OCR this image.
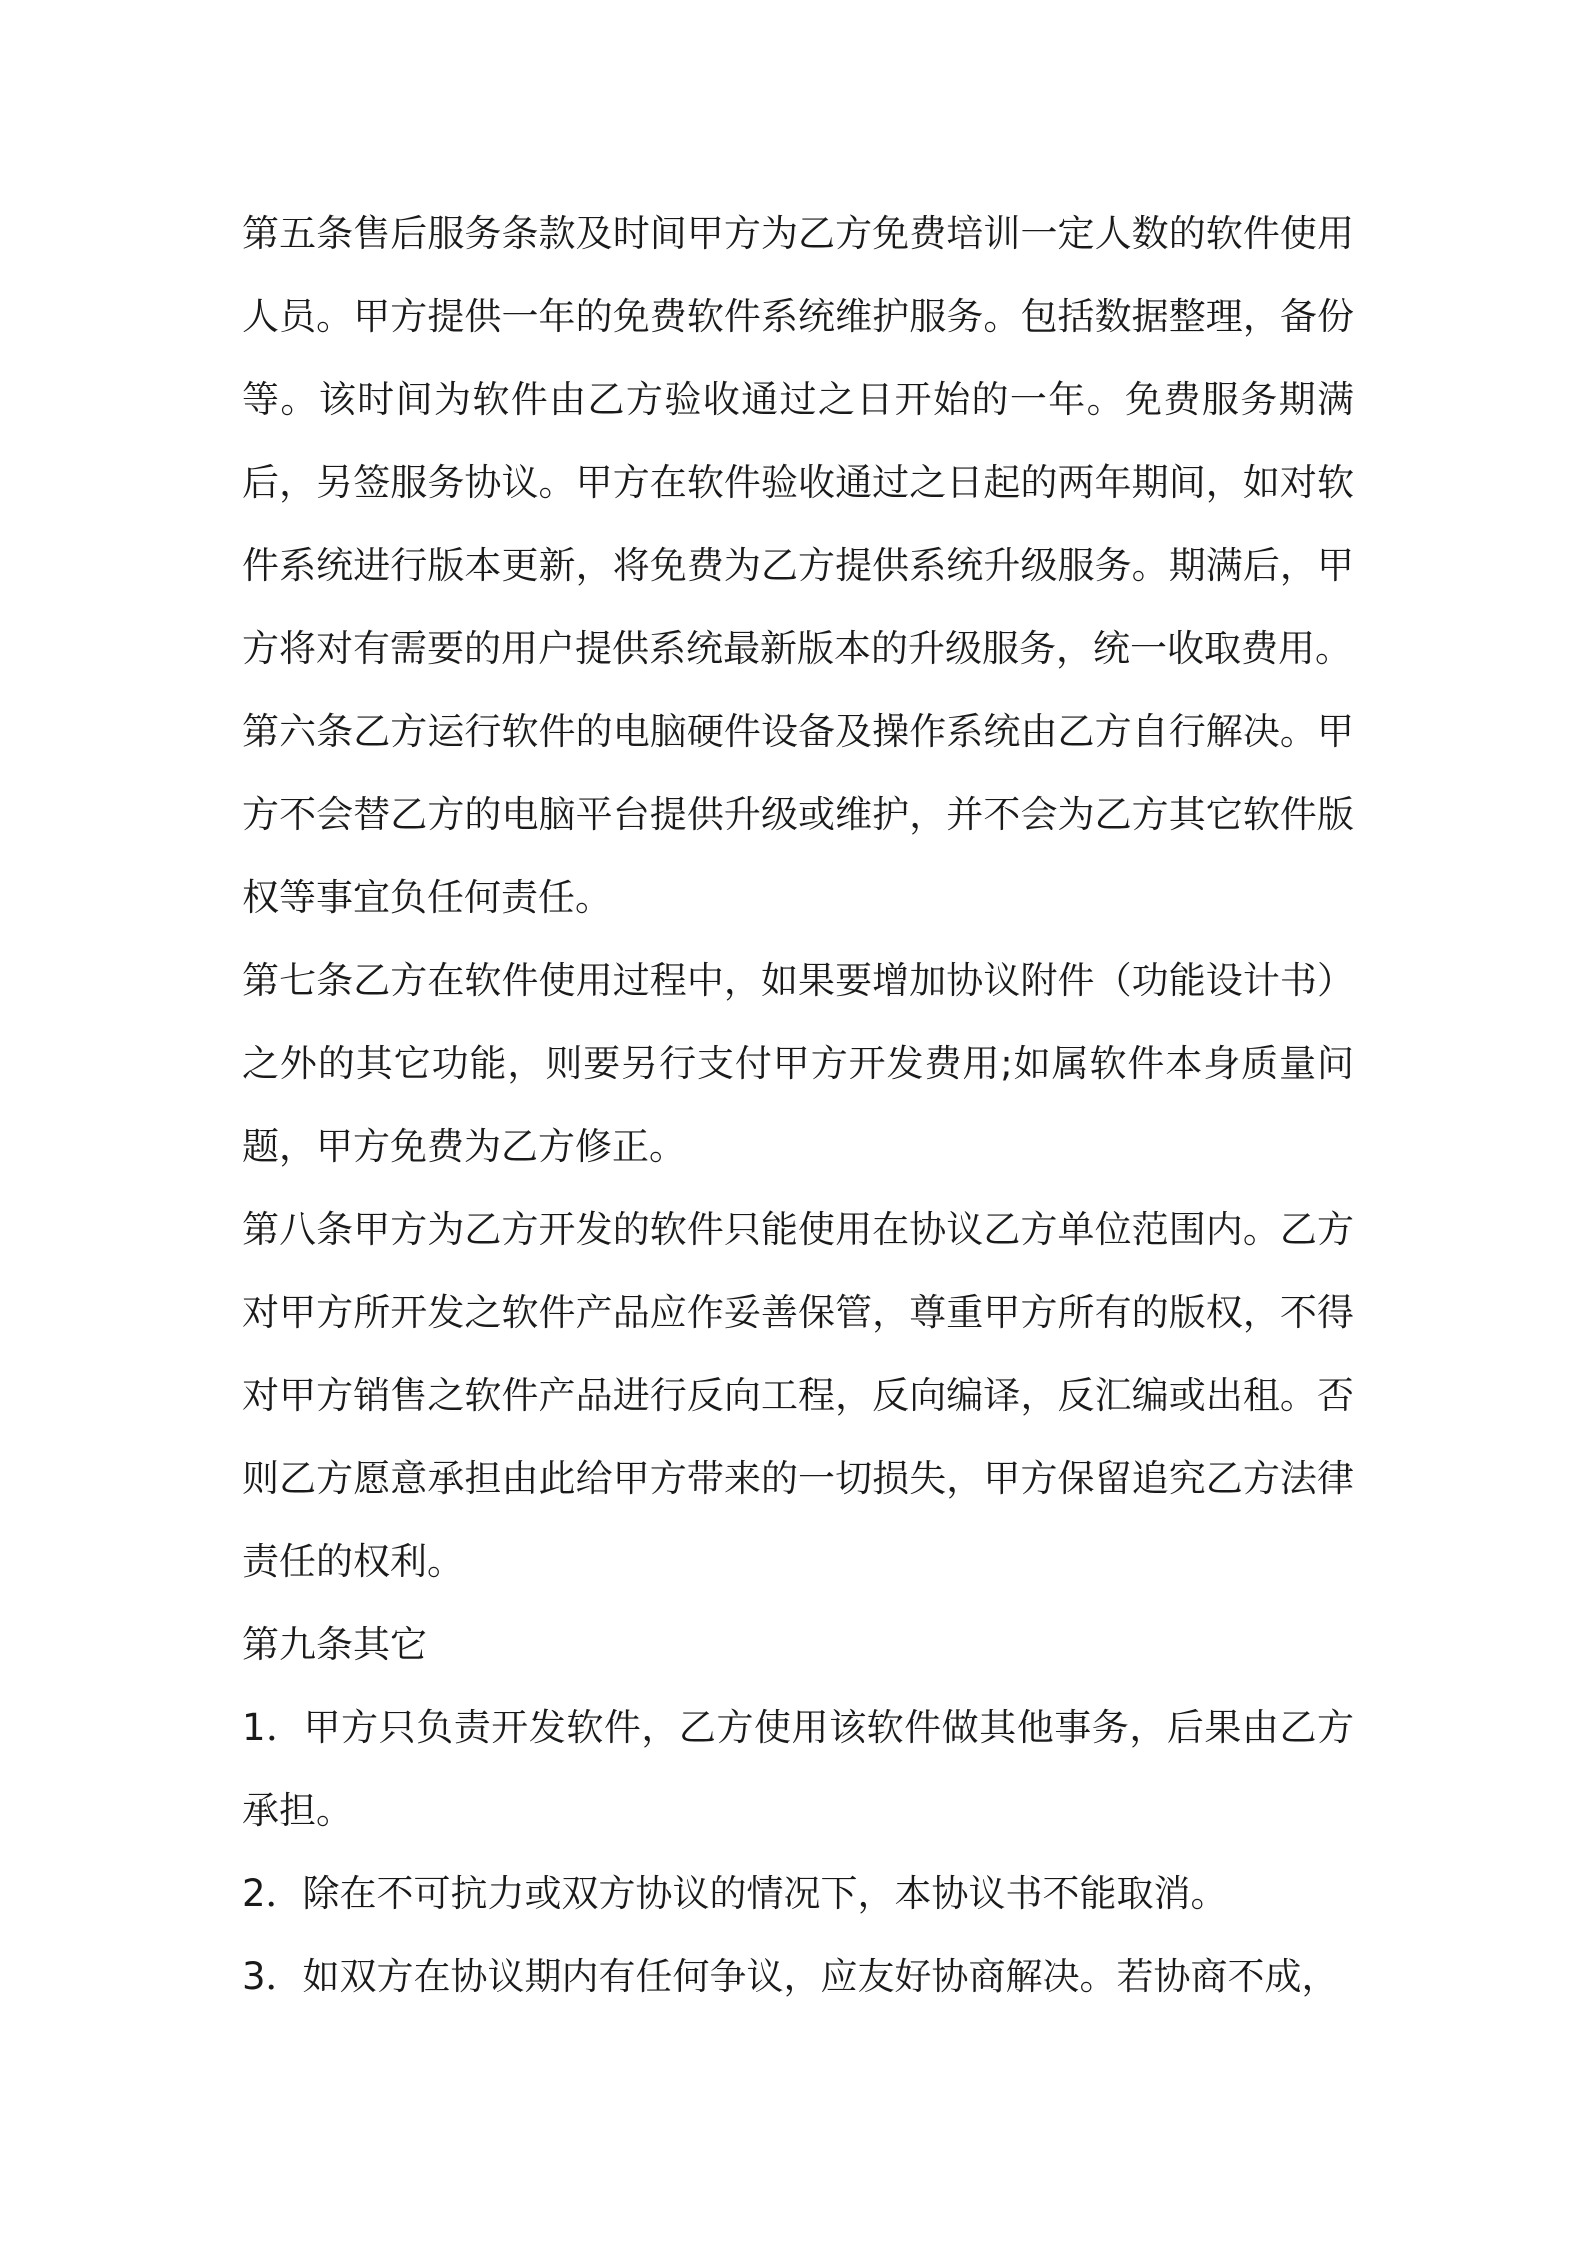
第五条售后服务条款及时间甲方为乙方免费培训一定人数的软件使用人员。甲方提供一年的免费软件系统维护服务。包括数据整理，备份等。该时间为软件由乙方验收通过之日开始的一年。免费服务期满后，另签服务协议。甲方在软件验收通过之日起的两年期间，如对软件系统进行版本更新，将免费为乙方提供系统升级服务。期满后，甲方将对有需要的用户提供系统最新版本的升级服务，统一收取费用。

第六条乙方运行软件的电脑硬件设备及操作系统由乙方自行解决。甲方不会替乙方的电脑平台提供升级或维护，并不会为乙方其它软件版权等事宜负任何责任。

第七条乙方在软件使用过程中，如果要增加协议附件（功能设计书）之外的其它功能，则要另行支付甲方开发费用;如属软件本身质量问题，甲方免费为乙方修正。

第八条甲方为乙方开发的软件只能使用在协议乙方单位范围内。乙方对甲方所开发之软件产品应作妥善保管，尊重甲方所有的版权，不得对甲方销售之软件产品进行反向工程，反向编译，反汇编或出租。否则乙方愿意承担由此给甲方带来的一切损失，甲方保留追究乙方法律责任的权利。

第九条其它

1．甲方只负责开发软件，乙方使用该软件做其他事务，后果由乙方承担。

2．除在不可抗力或双方协议的情况下，本协议书不能取消。

3．如双方在协议期内有任何争议，应友好协商解决。若协商不成，
